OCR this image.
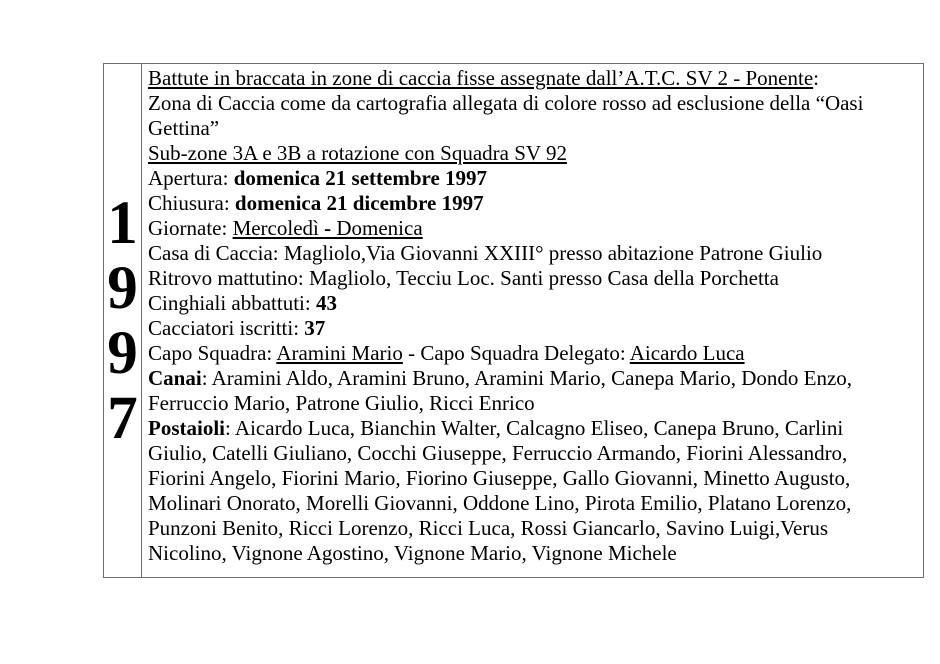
1
9
9
7
Battute in braccata in zone di caccia fisse assegnate dall’A.T.C. SV 2 - Ponente:
Zona di Caccia come da cartografia allegata di colore rosso ad esclusione della “Oasi
Gettina”
Sub-zone 3A e 3B a rotazione con Squadra SV 92
Apertura: domenica 21 settembre 1997
Chiusura: domenica 21 dicembre 1997
Giornate: Mercoledì - Domenica
Casa di Caccia: Magliolo,Via Giovanni XXIII° presso abitazione Patrone Giulio
Ritrovo mattutino: Magliolo, Tecciu Loc. Santi presso Casa della Porchetta
Cinghiali abbattuti: 43
Cacciatori iscritti: 37
Capo Squadra: Aramini Mario - Capo Squadra Delegato: Aicardo Luca
Canai: Aramini Aldo, Aramini Bruno, Aramini Mario, Canepa Mario, Dondo Enzo,
Ferruccio Mario, Patrone Giulio, Ricci Enrico
Postaioli: Aicardo Luca, Bianchin Walter, Calcagno Eliseo, Canepa Bruno, Carlini
Giulio, Catelli Giuliano, Cocchi Giuseppe, Ferruccio Armando, Fiorini Alessandro,
Fiorini Angelo, Fiorini Mario, Fiorino Giuseppe, Gallo Giovanni, Minetto Augusto,
Molinari Onorato, Morelli Giovanni, Oddone Lino, Pirota Emilio, Platano Lorenzo,
Punzoni Benito, Ricci Lorenzo, Ricci Luca, Rossi Giancarlo, Savino Luigi,Verus
Nicolino, Vignone Agostino, Vignone Mario, Vignone Michele
